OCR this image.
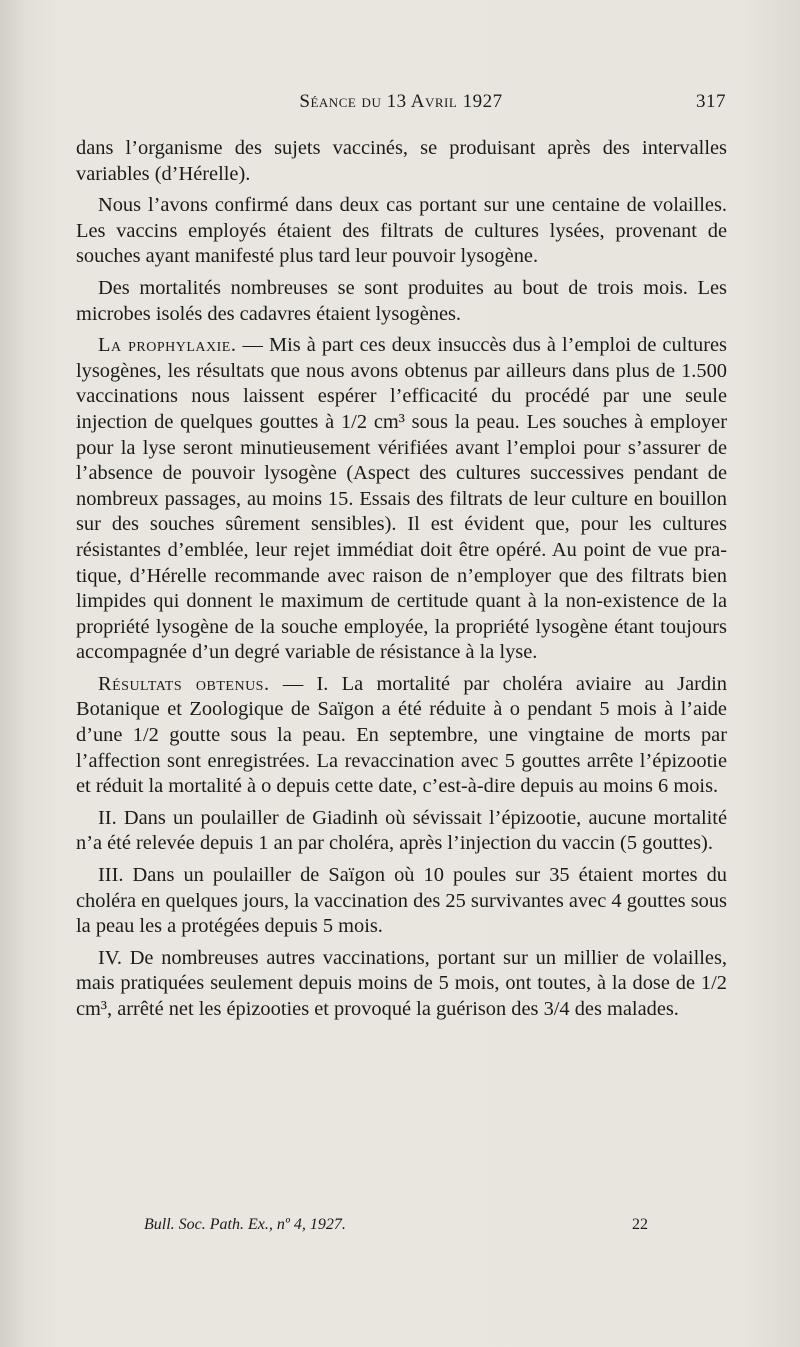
Séance du 13 Avril 1927	317

dans l’organisme des sujets vaccinés, se produisant après des intervalles variables (d’Hérelle).

Nous l’avons confirmé dans deux cas portant sur une centaine de volailles. Les vaccins employés étaient des filtrats de cultures lysées, provenant de souches ayant manifesté plus tard leur pouvoir lysogène.

Des mortalités nombreuses se sont produites au bout de trois mois. Les microbes isolés des cadavres étaient lysogènes.

La prophylaxie. — Mis à part ces deux insuccès dus à l’emploi de cultures lysogènes, les résultats que nous avons obtenus par ailleurs dans plus de 1.500 vaccinations nous laissent espérer l’efficacité du procédé par une seule injection de quelques gouttes à 1/2 cm³ sous la peau. Les souches à employer pour la lyse seront minutieusement vérifiées avant l’emploi pour s’assurer de l’absence de pouvoir lysogène (Aspect des cultures successives pendant de nombreux passages, au moins 15. Essais des filtrats de leur culture en bouillon sur des souches sûrement sensibles). Il est évident que, pour les cultures résistantes d’emblée, leur rejet immédiat doit être opéré. Au point de vue pratique, d’Hérelle recommande avec raison de n’employer que des filtrats bien limpides qui donnent le maximum de certitude quant à la non-existence de la propriété lysogène de la souche employée, la propriété lysogène étant toujours accompagnée d’un degré variable de résistance à la lyse.

Résultats obtenus. — I. La mortalité par choléra aviaire au Jardin Botanique et Zoologique de Saïgon a été réduite à o pendant 5 mois à l’aide d’une 1/2 goutte sous la peau. En septembre, une vingtaine de morts par l’affection sont enregistrées. La revaccination avec 5 gouttes arrête l’épizootie et réduit la mortalité à o depuis cette date, c’est-à-dire depuis au moins 6 mois.

II. Dans un poulailler de Giadinh où sévissait l’épizootie, aucune mortalité n’a été relevée depuis 1 an par choléra, après l’injection du vaccin (5 gouttes).

III. Dans un poulailler de Saïgon où 10 poules sur 35 étaient mortes du choléra en quelques jours, la vaccination des 25 survivantes avec 4 gouttes sous la peau les a protégées depuis 5 mois.

IV. De nombreuses autres vaccinations, portant sur un millier de volailles, mais pratiquées seulement depuis moins de 5 mois, ont toutes, à la dose de 1/2 cm³, arrêté net les épizooties et provoqué la guérison des 3/4 des malades.

Bull. Soc. Path. Ex., nº 4, 1927.	22
